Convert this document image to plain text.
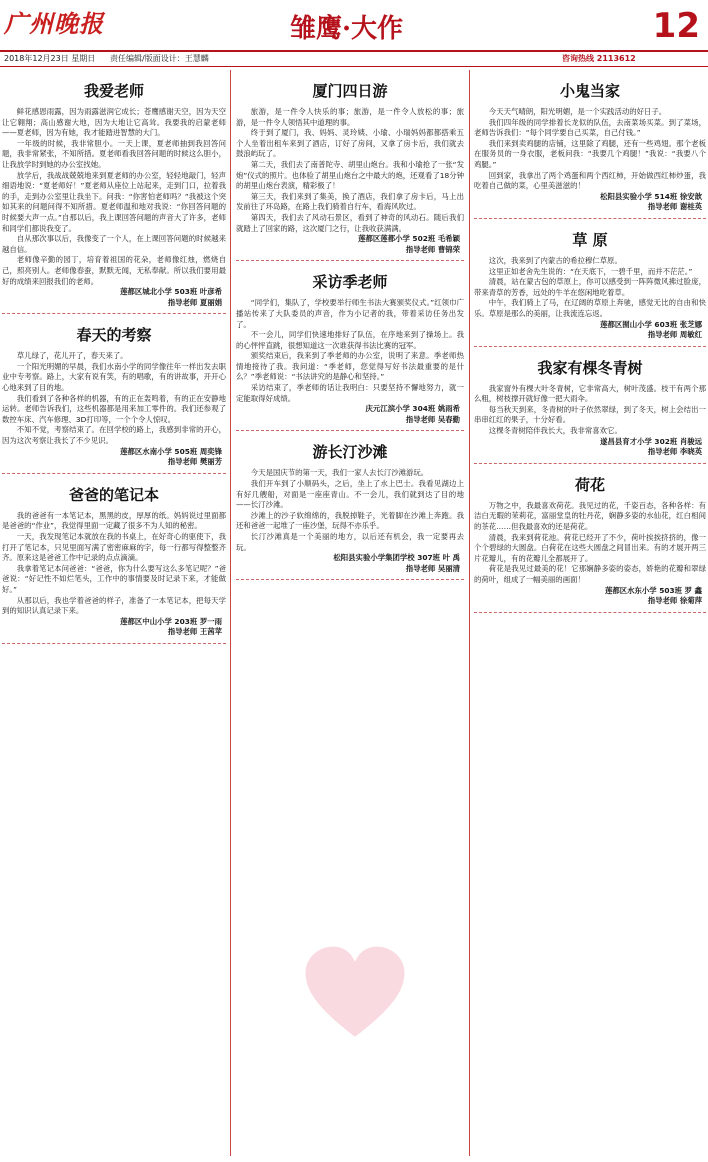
广州晚报	雏鹰·大作	12
2018年12月23日 星期日 责任编辑/版面设计：王慧麟	咨询热线 2113612
我爱老师

鲜花感恩雨露，因为雨露滋润它成长；苍鹰感谢天空，因为天空让它翱翔；高山感谢大地，因为大地让它高耸。我要我的启蒙老师——夏老师，因为有她，我才能踏进智慧的大门。

一年级的时候，我非常胆小。一天上课，夏老师抽到我回答问题，我非常紧张，不知所措。夏老师看我回答问题的时候这么胆小，让我放学时到她的办公室找她。

放学后，我战战兢兢地来到夏老师的办公室，轻轻地敲门，轻声细语地说：“夏老师好！”夏老师从座位上站起来，走到门口，拉着我的手，走到办公室里让我坐下。问我：“你害怕老师吗？”我被这个突如其来的问题问得不知所措。夏老师温和地对我说：“你回答问题的时候要大声一点。”自那以后，我上课回答问题的声音大了许多，老师和同学们都说我变了。

自从那次事以后，我像变了一个人，在上课回答问题的时候越来越自信。

老师像辛勤的园丁，培育着祖国的花朵，老师像红烛，燃烧自己，照亮别人。老师像春蚕，默默无闻，无私奉献。所以我们要用最好的成绩来回报我们的老师。

莲都区城北小学 503班 叶彦希
指导老师 夏丽娟
春天的考察

草儿绿了，花儿开了，春天来了。

一个阳光明媚的早晨，我们水南小学的同学像往年一样出发去职业中专考察。路上，大家有说有笑，有的唱歌，有的讲故事，开开心心地来到了目的地。

我们看到了各种各样的机器，有的正在轰鸣着，有的正在安静地运转。老师告诉我们，这些机器都是用来加工零件的。我们还参观了数控车床、汽车修理、3D打印等，一个个令人惊叹。

不知不觉，考察结束了。在回学校的路上，我感到非常的开心，因为这次考察让我长了不少见识。

莲都区水南小学 505班 周奕锋
指导老师 樊丽芳
爸爸的笔记本

我的爸爸有一本笔记本，黑黑的皮，厚厚的纸。妈妈说过里面都是爸爸的“作业”，我觉得里面一定藏了很多不为人知的秘密。

一天，我发现笔记本就放在我的书桌上，在好奇心的驱使下，我打开了笔记本，只见里面写满了密密麻麻的字，每一行都写得整整齐齐。原来这是爸爸工作中记录的点点滴滴。

我拿着笔记本问爸爸：“爸爸，你为什么要写这么多笔记呢？”爸爸说：“好记性不如烂笔头，工作中的事情要及时记录下来，才能做好。”

从那以后，我也学着爸爸的样子，准备了一本笔记本，把每天学到的知识认真记录下来。

莲都区中山小学 203班 罗一雨
指导老师 王茜苹
厦门四日游

旅游，是一件令人快乐的事；旅游，是一件令人放松的事；旅游，是一件令人领悟其中道理的事。

终于到了厦门，我、妈妈、灵玲姨、小瑜、小瑞妈妈都都搭乘五个人坐着出租车来到了酒店，订好了房间，又拿了房卡后，我们就去鼓浪屿玩了。

第二天，我们去了南普陀寺、胡里山炮台。我和小瑜抢了一张“发炮”仪式的照片。也体验了胡里山炮台之中最大的炮，还观看了18分钟的胡里山炮台表演，精彩极了！

第三天，我们来到了集美，换了酒店，我们拿了房卡后，马上出发前往了环岛路，在路上我们骑着自行车，看海风吹过。

第四天，我们去了风动石景区，看到了神奇的风动石。随后我们就踏上了回家的路，这次厦门之行，让我收获满满。

莲都区莲都小学 502班 毛希颖
指导老师 曹锦荣
采访季老师

“同学们，集队了，学校要举行师生书法大赛颁奖仪式。”红领巾广播站传来了大队委员的声音，作为小记者的我，带着采访任务出发了。

不一会儿，同学们快速地排好了队伍，在序地来到了操场上。我的心怦怦直跳，很想知道这一次谁获得书法比赛的冠军。

颁奖结束后，我来到了季老师的办公室，说明了来意。季老师热情地接待了我。我问道：“季老师，您觉得写好书法最重要的是什么？”季老师说：“书法讲究的是静心和坚持。”

采访结束了，季老师的话让我明白：只要坚持不懈地努力，就一定能取得好成绩。

庆元江滨小学 304班 姚雨希
指导老师 吴春勤
游长汀沙滩

今天是国庆节的第一天，我们一家人去长汀沙滩游玩。

我们开车到了小顺码头，之后，坐上了水上巴士。我看见湖边上有好几艘船，对面是一座座青山。不一会儿，我们就到达了目的地——长汀沙滩。

沙滩上的沙子软绵绵的，我脱掉鞋子，光着脚在沙滩上奔跑。我还和爸爸一起堆了一座沙堡，玩得不亦乐乎。

长汀沙滩真是一个美丽的地方，以后还有机会，我一定要再去玩。

松阳县实验小学集团学校 307班 叶 禹
指导老师 吴丽清
小鬼当家

今天天气晴朗，阳光明媚，是一个实践活动的好日子。

我们四年级的同学排着长龙似的队伍，去南菜场买菜。到了菜场，老师告诉我们：“每个同学要自己买菜，自己付钱。”

我们来到卖鸡腿的店铺，这里除了鸡腿，还有一些鸡翅。那个老板在服务员的一身衣服，老板问我：“我要几个鸡腿！”我说：“我要八个鸡腿。”

回到家，我拿出了两个鸡蛋和两个西红柿，开始做西红柿炒蛋，我吃着自己做的菜，心里美滋滋的！

松阳县实验小学 514班 徐安歆
指导老师 谢桂英
草 原

这次，我来到了内蒙古的希拉穆仁草原。

这里正如老舍先生说的：“在天底下，一碧千里，而并不茫茫。”

清晨，站在蒙古包的草原上，你可以感受到一阵阵微风拂过脸庞，带来青草的芳香，远处的牛羊在悠闲地吃着草。

中午，我们骑上了马，在辽阔的草原上奔驰，感觉无比的自由和快乐。草原是那么的美丽，让我流连忘返。

莲都区囿山小学 603班 张芝娜
指导老师 周敏红
我家有棵冬青树

我家窗外有棵大叶冬青树，它非常高大，树叶茂盛。枝干有两个那么粗，树枝撑开就好像一把大雨伞。

每当秋天到来，冬青树的叶子依然翠绿，到了冬天，树上会结出一串串红红的果子，十分好看。

这棵冬青树陪伴我长大，我非常喜欢它。

遂昌县育才小学 302班 肖骏远
指导老师 李晓英
荷花

万物之中，我最喜欢荷花。我见过的花，千姿百态，各种各样：有洁白无暇的茉莉花，富丽堂皇的牡丹花，娴静多姿的水仙花，红白相间的茶花……但我最喜欢的还是荷花。

清晨，我来到荷花池。荷花已经开了不少，荷叶挨挨挤挤的，像一个个碧绿的大圆盘。白荷花在这些大圆盘之间冒出来。有的才展开两三片花瓣儿，有的花瓣儿全都展开了。

荷花是我见过最美的花！它那娴静多姿的姿态，娇艳的花瓣和翠绿的荷叶，组成了一幅美丽的画面！

莲都区水东小学 503班 罗 鑫
指导老师 徐菊萍
